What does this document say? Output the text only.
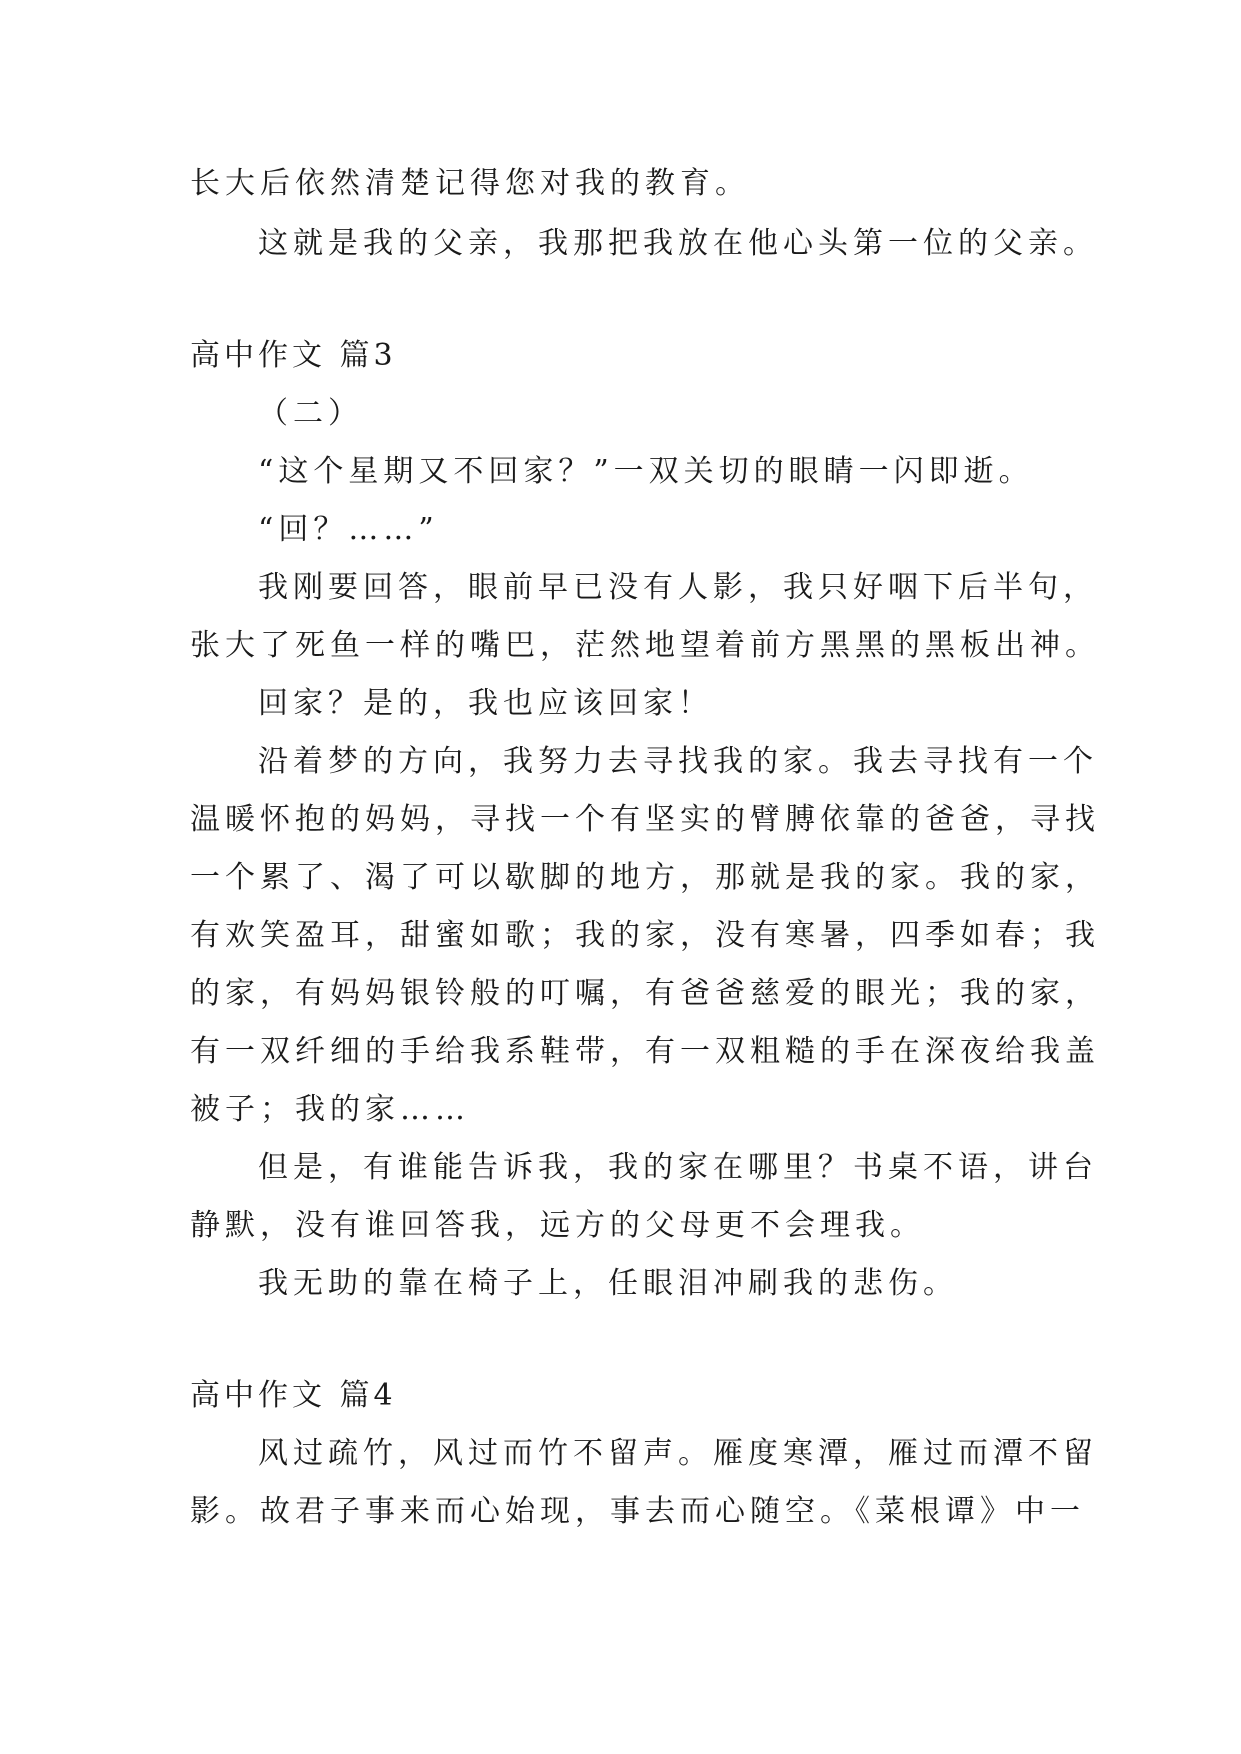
长大后依然清楚记得您对我的教育。
这就是我的父亲，我那把我放在他心头第一位的父亲。
高中作文 篇3
（二）
“这个星期又不回家？”一双关切的眼睛一闪即逝。
“回？……”
我刚要回答，眼前早已没有人影，我只好咽下后半句，
张大了死鱼一样的嘴巴，茫然地望着前方黑黑的黑板出神。
回家？是的，我也应该回家！
沿着梦的方向，我努力去寻找我的家。我去寻找有一个
温暖怀抱的妈妈，寻找一个有坚实的臂膊依靠的爸爸，寻找
一个累了、渴了可以歇脚的地方，那就是我的家。我的家，
有欢笑盈耳，甜蜜如歌；我的家，没有寒暑，四季如春；我
的家，有妈妈银铃般的叮嘱，有爸爸慈爱的眼光；我的家，
有一双纤细的手给我系鞋带，有一双粗糙的手在深夜给我盖
被子；我的家……
但是，有谁能告诉我，我的家在哪里？书桌不语，讲台
静默，没有谁回答我，远方的父母更不会理我。
我无助的靠在椅子上，任眼泪冲刷我的悲伤。
高中作文 篇4
风过疏竹，风过而竹不留声。雁度寒潭，雁过而潭不留
影。故君子事来而心始现，事去而心随空。《菜根谭》中一
